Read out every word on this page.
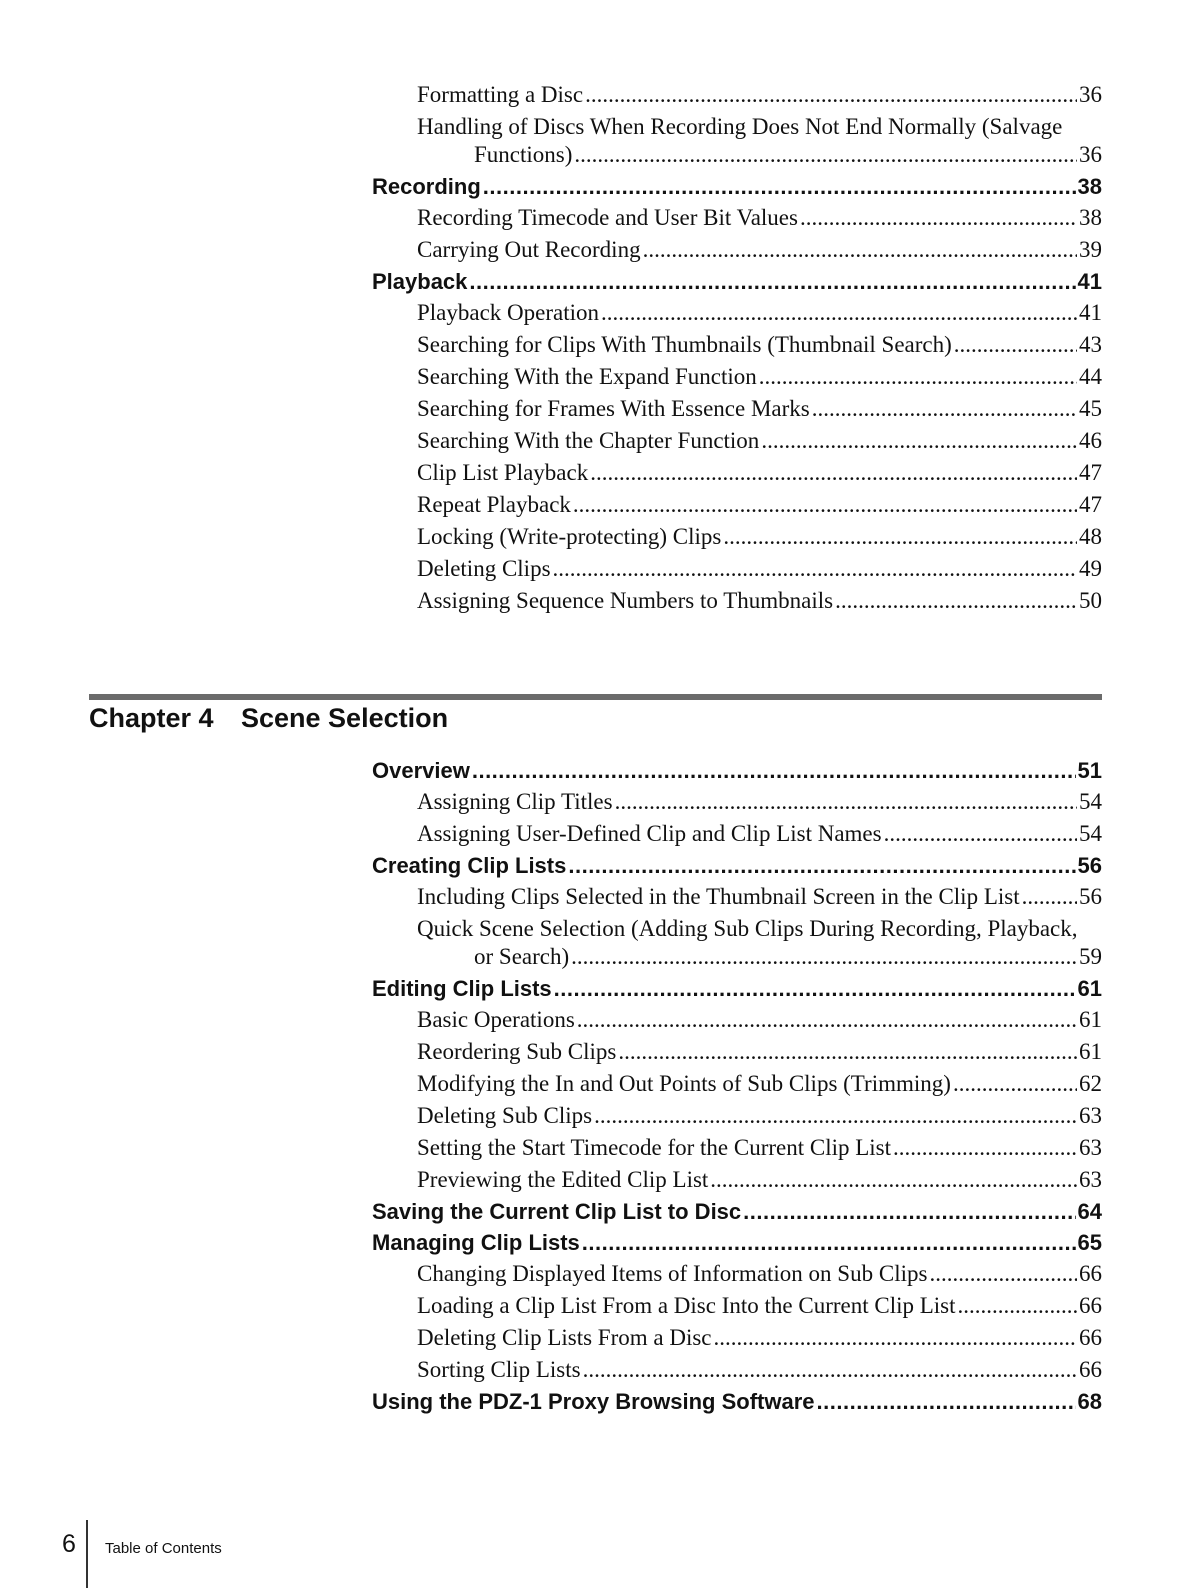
Formatting a Disc .....	36
Handling of Discs When Recording Does Not End Normally (Salvage
Functions) .....	36
Recording .....	38
Recording Timecode and User Bit Values .....	38
Carrying Out Recording .....	39
Playback .....	41
Playback Operation .....	41
Searching for Clips With Thumbnails (Thumbnail Search) .....	43
Searching With the Expand Function .....	44
Searching for Frames With Essence Marks .....	45
Searching With the Chapter Function .....	46
Clip List Playback .....	47
Repeat Playback .....	47
Locking (Write-protecting) Clips .....	48
Deleting Clips .....	49
Assigning Sequence Numbers to Thumbnails .....	50
Chapter 4 Scene Selection
Overview .....	51
Assigning Clip Titles .....	54
Assigning User-Defined Clip and Clip List Names .....	54
Creating Clip Lists .....	56
Including Clips Selected in the Thumbnail Screen in the Clip List .....	56
Quick Scene Selection (Adding Sub Clips During Recording, Playback,
or Search) .....	59
Editing Clip Lists .....	61
Basic Operations .....	61
Reordering Sub Clips .....	61
Modifying the In and Out Points of Sub Clips (Trimming) .....	62
Deleting Sub Clips .....	63
Setting the Start Timecode for the Current Clip List .....	63
Previewing the Edited Clip List .....	63
Saving the Current Clip List to Disc .....	64
Managing Clip Lists .....	65
Changing Displayed Items of Information on Sub Clips .....	66
Loading a Clip List From a Disc Into the Current Clip List .....	66
Deleting Clip Lists From a Disc .....	66
Sorting Clip Lists .....	66
Using the PDZ-1 Proxy Browsing Software .....	68
6 Table of Contents
